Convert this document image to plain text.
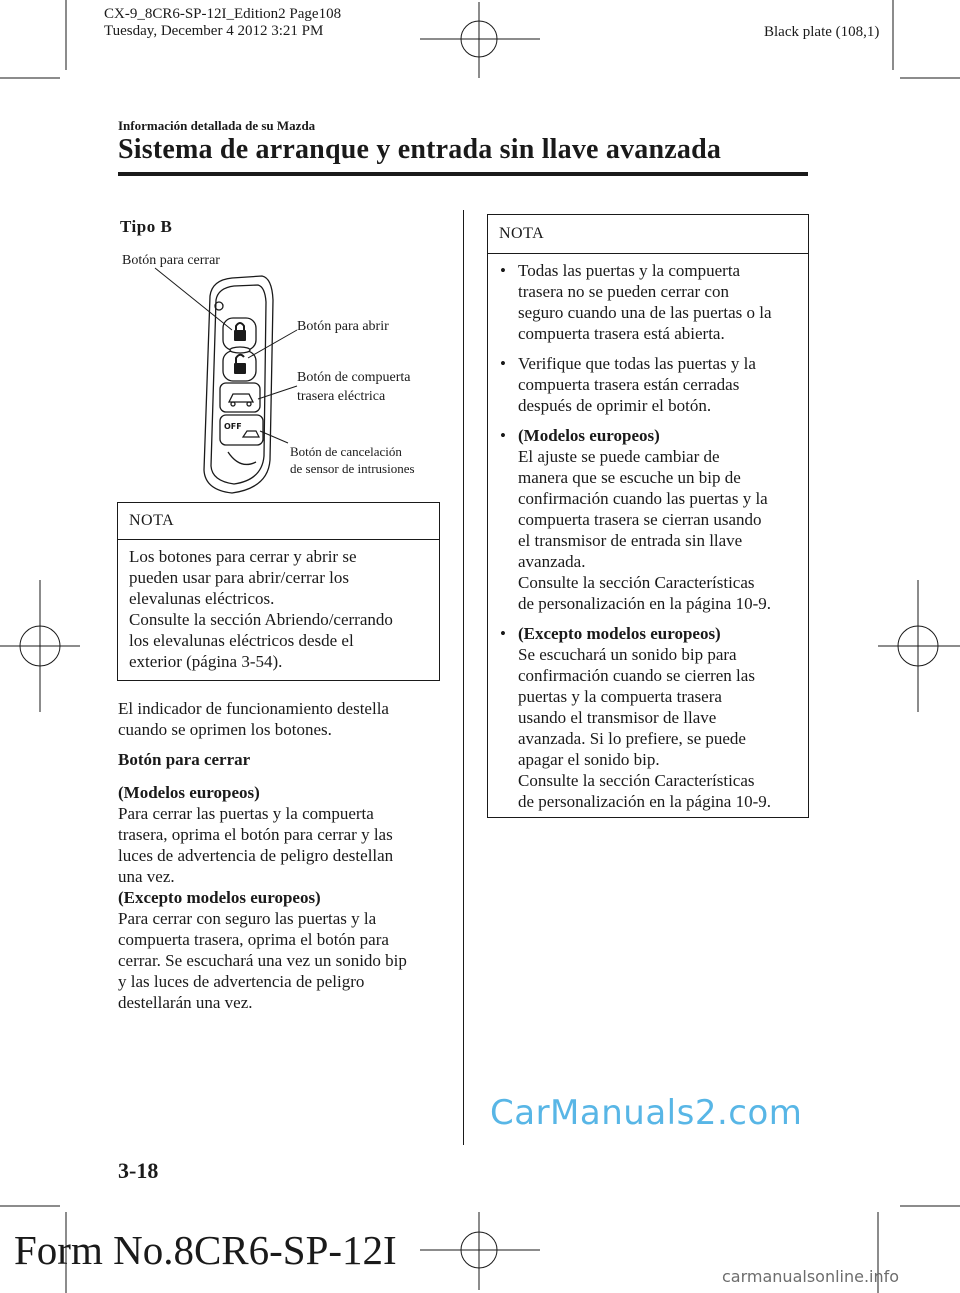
CX-9_8CR6-SP-12I_Edition2 Page108
Tuesday, December 4 2012 3:21 PM	Black plate (108,1)
Información detallada de su Mazda
Sistema de arranque y entrada sin llave avanzada
Tipo B
OFF
Botón para cerrar
Botón para abrir
Botón de compuerta
trasera eléctrica
Botón de cancelación
de sensor de intrusiones
NOTA
Los botones para cerrar y abrir se
pueden usar para abrir/cerrar los
elevalunas eléctricos.
Consulte la sección Abriendo/cerrando
los elevalunas eléctricos desde el
exterior (página 3-54).
El indicador de funcionamiento destella
cuando se oprimen los botones.
Botón para cerrar
(Modelos europeos)
Para cerrar las puertas y la compuerta
trasera, oprima el botón para cerrar y las
luces de advertencia de peligro destellan
una vez.
(Excepto modelos europeos)
Para cerrar con seguro las puertas y la
compuerta trasera, oprima el botón para
cerrar. Se escuchará una vez un sonido bip
y las luces de advertencia de peligro
destellarán una vez.
NOTA
• Todas las puertas y la compuerta
trasera no se pueden cerrar con
seguro cuando una de las puertas o la
compuerta trasera está abierta.
• Verifique que todas las puertas y la
compuerta trasera están cerradas
después de oprimir el botón.
• (Modelos europeos)
El ajuste se puede cambiar de
manera que se escuche un bip de
confirmación cuando las puertas y la
compuerta trasera se cierran usando
el transmisor de entrada sin llave
avanzada.
Consulte la sección Características
de personalización en la página 10-9.
• (Excepto modelos europeos)
Se escuchará un sonido bip para
confirmación cuando se cierren las
puertas y la compuerta trasera
usando el transmisor de llave
avanzada. Si lo prefiere, se puede
apagar el sonido bip.
Consulte la sección Características
de personalización en la página 10-9.
CarManuals2.com
3-18
Form No.8CR6-SP-12I
carmanualsonline.info
